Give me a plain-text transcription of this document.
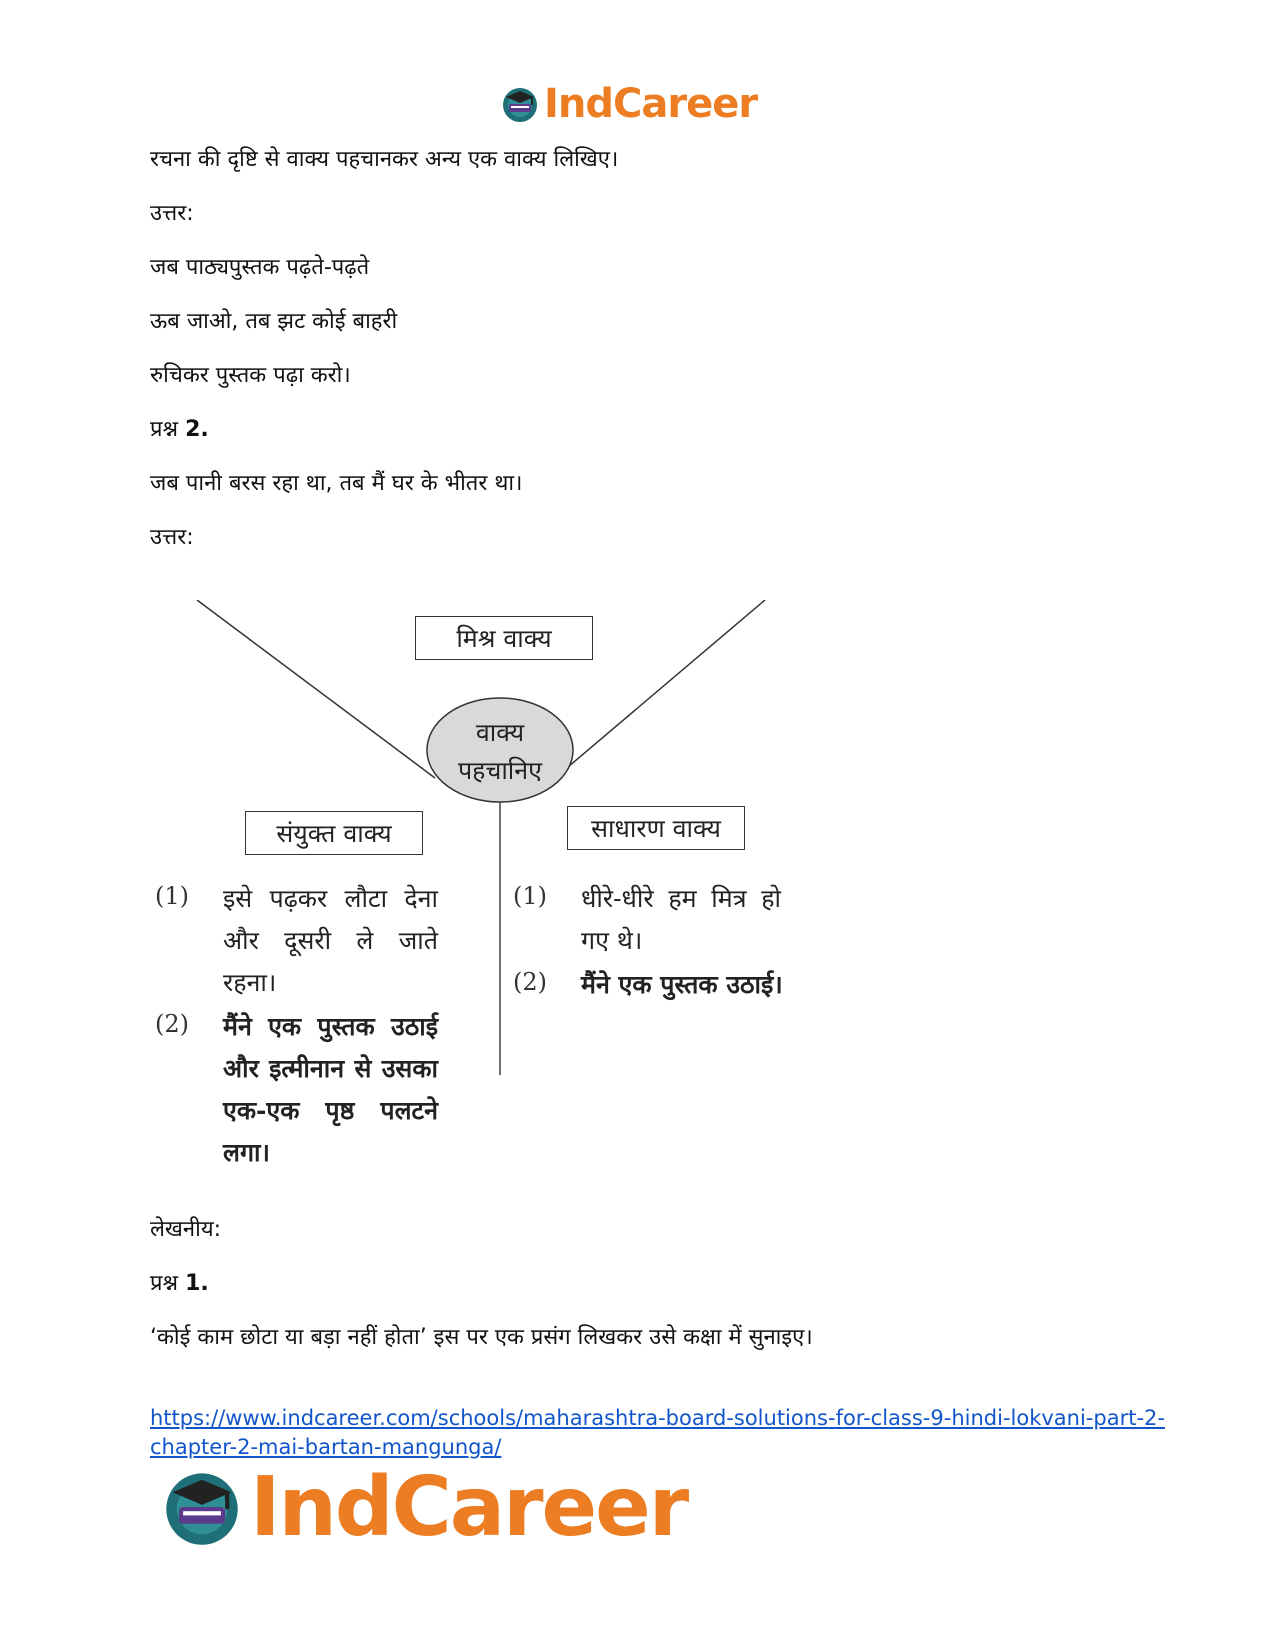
IndCareer
रचना की दृष्टि से वाक्य पहचानकर अन्य एक वाक्य लिखिए।
उत्तर:
जब पाठ्यपुस्तक पढ़ते-पढ़ते
ऊब जाओ, तब झट कोई बाहरी
रुचिकर पुस्तक पढ़ा करो।
प्रश्न 2.
जब पानी बरस रहा था, तब मैं घर के भीतर था।
उत्तर:
वाक्य
पहचानिए
मिश्र वाक्य
संयुक्त वाक्य	साधारण वाक्य
(1) इसे पढ़कर लौटा देना और दूसरी ले जाते रहना।
(2) मैंने एक पुस्तक उठाई और इत्मीनान से उसका एक-एक पृष्ठ पलटने लगा।
(1) धीरे-धीरे हम मित्र हो गए थे।
(2) मैंने एक पुस्तक उठाई।
लेखनीय:
प्रश्न 1.
‘कोई काम छोटा या बड़ा नहीं होता’ इस पर एक प्रसंग लिखकर उसे कक्षा में सुनाइए।
https://www.indcareer.com/schools/maharashtra-board-solutions-for-class-9-hindi-lokvani-part-2-
chapter-2-mai-bartan-mangunga/
IndCareer
